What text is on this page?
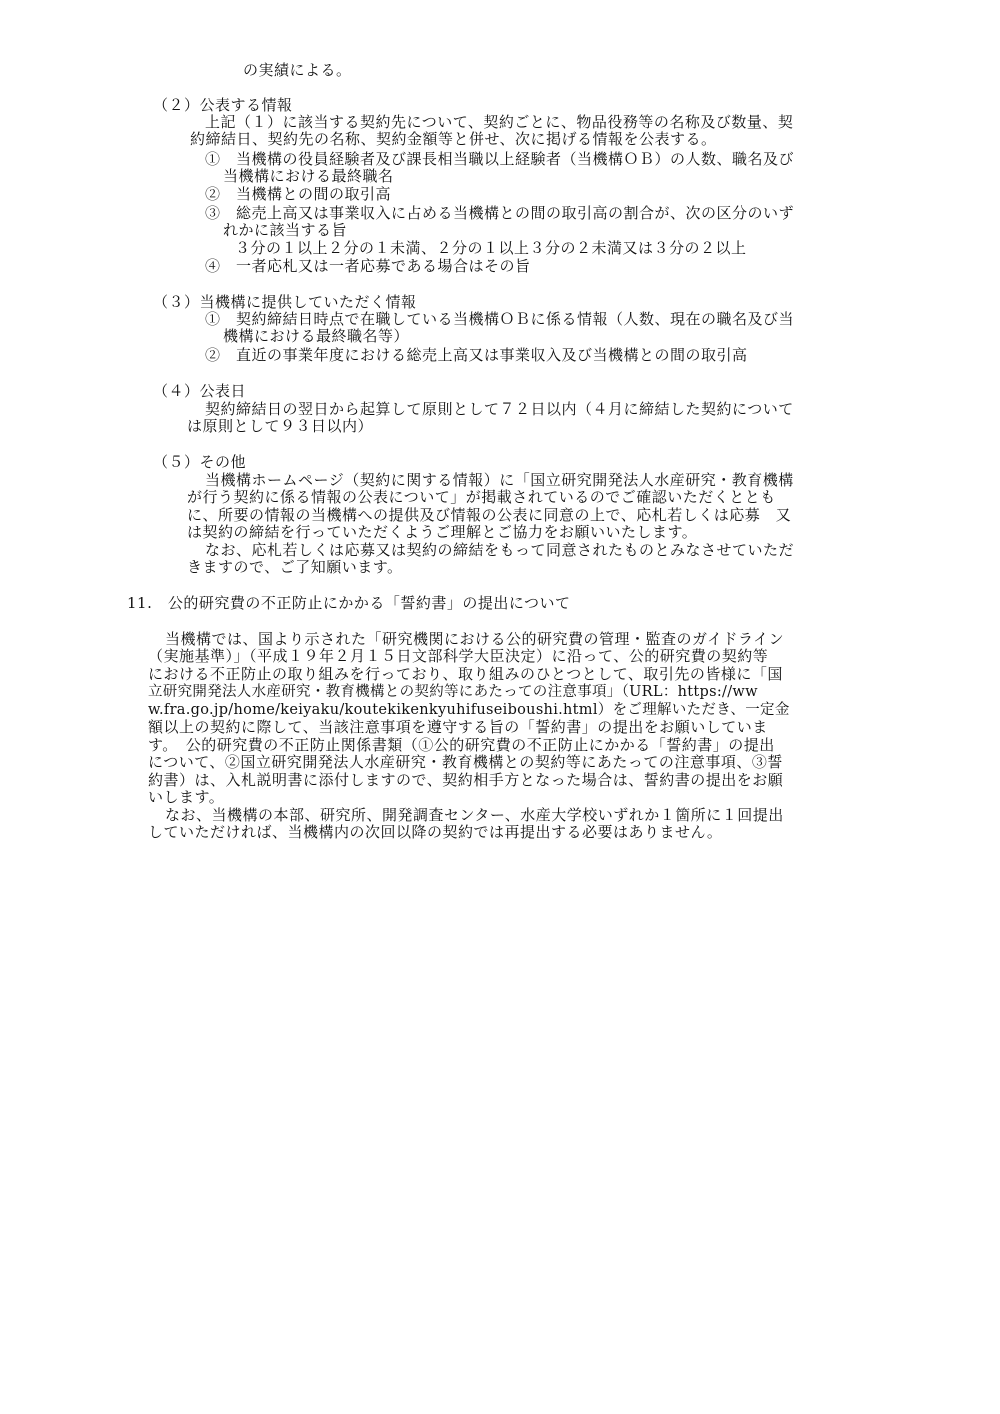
の実績による。

（２）公表する情報

上記（１）に該当する契約先について、契約ごとに、物品役務等の名称及び数量、契

約締結日、契約先の名称、契約金額等と併せ、次に掲げる情報を公表する。

①　当機構の役員経験者及び課長相当職以上経験者（当機構ＯＢ）の人数、職名及び

当機構における最終職名

②　当機構との間の取引高

③　総売上高又は事業収入に占める当機構との間の取引高の割合が、次の区分のいず

れかに該当する旨

３分の１以上２分の１未満、２分の１以上３分の２未満又は３分の２以上

④　一者応札又は一者応募である場合はその旨

（３）当機構に提供していただく情報

①　契約締結日時点で在職している当機構ＯＢに係る情報（人数、現在の職名及び当

機構における最終職名等）

②　直近の事業年度における総売上高又は事業収入及び当機構との間の取引高

（４）公表日

契約締結日の翌日から起算して原則として７２日以内（４月に締結した契約について

は原則として９３日以内）

（５）その他

当機構ホームページ（契約に関する情報）に「国立研究開発法人水産研究・教育機構

が行う契約に係る情報の公表について」が掲載されているのでご確認いただくととも

に、所要の情報の当機構への提供及び情報の公表に同意の上で、応札若しくは応募　又

は契約の締結を行っていただくようご理解とご協力をお願いいたします。

なお、応札若しくは応募又は契約の締結をもって同意されたものとみなさせていただ

きますので、ご了知願います。

11.　公的研究費の不正防止にかかる「誓約書」の提出について

当機構では、国より示された「研究機関における公的研究費の管理・監査のガイドライン

（実施基準）」（平成１９年２月１５日文部科学大臣決定）に沿って、公的研究費の契約等

における不正防止の取り組みを行っており、取り組みのひとつとして、取引先の皆様に「国

立研究開発法人水産研究・教育機構との契約等にあたっての注意事項」（URL：https://ww

w.fra.go.jp/home/keiyaku/koutekikenkyuhifuseiboushi.html）をご理解いただき、一定金

額以上の契約に際して、当該注意事項を遵守する旨の「誓約書」の提出をお願いしていま

す。　公的研究費の不正防止関係書類（①公的研究費の不正防止にかかる「誓約書」の提出

について、②国立研究開発法人水産研究・教育機構との契約等にあたっての注意事項、③誓

約書）は、入札説明書に添付しますので、契約相手方となった場合は、誓約書の提出をお願

いします。

なお、当機構の本部、研究所、開発調査センター、水産大学校いずれか１箇所に１回提出

していただければ、当機構内の次回以降の契約では再提出する必要はありません。
